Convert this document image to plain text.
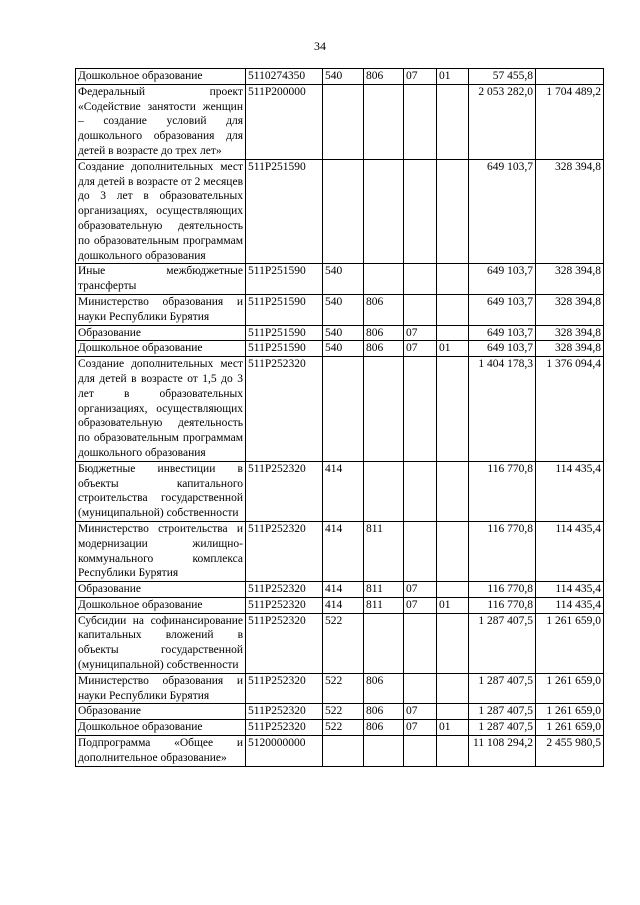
34
Дошкольное образование	5110274350	540	806	07	01	57 455,8	
Федеральный проект «Содействие занятости женщин – создание условий для дошкольного образования для детей в возрасте до трех лет»	511P200000					2 053 282,0	1 704 489,2
Создание дополнительных мест для детей в возрасте от 2 месяцев до 3 лет в образовательных организациях, осуществляющих образовательную деятельность по образовательным программам дошкольного образования	511P251590					649 103,7	328 394,8
Иные межбюджетные трансферты	511P251590	540				649 103,7	328 394,8
Министерство образования и науки Республики Бурятия	511P251590	540	806			649 103,7	328 394,8
Образование	511P251590	540	806	07		649 103,7	328 394,8
Дошкольное образование	511P251590	540	806	07	01	649 103,7	328 394,8
Создание дополнительных мест для детей в возрасте от 1,5 до 3 лет в образовательных организациях, осуществляющих образовательную деятельность по образовательным программам дошкольного образования	511P252320					1 404 178,3	1 376 094,4
Бюджетные инвестиции в объекты капитального строительства государственной (муниципальной) собственности	511P252320	414				116 770,8	114 435,4
Министерство строительства и модернизации жилищно-коммунального комплекса Республики Бурятия	511P252320	414	811			116 770,8	114 435,4
Образование	511P252320	414	811	07		116 770,8	114 435,4
Дошкольное образование	511P252320	414	811	07	01	116 770,8	114 435,4
Субсидии на софинансирование капитальных вложений в объекты государственной (муниципальной) собственности	511P252320	522				1 287 407,5	1 261 659,0
Министерство образования и науки Республики Бурятия	511P252320	522	806			1 287 407,5	1 261 659,0
Образование	511P252320	522	806	07		1 287 407,5	1 261 659,0
Дошкольное образование	511P252320	522	806	07	01	1 287 407,5	1 261 659,0
Подпрограмма «Общее и дополнительное образование»	5120000000					11 108 294,2	2 455 980,5
